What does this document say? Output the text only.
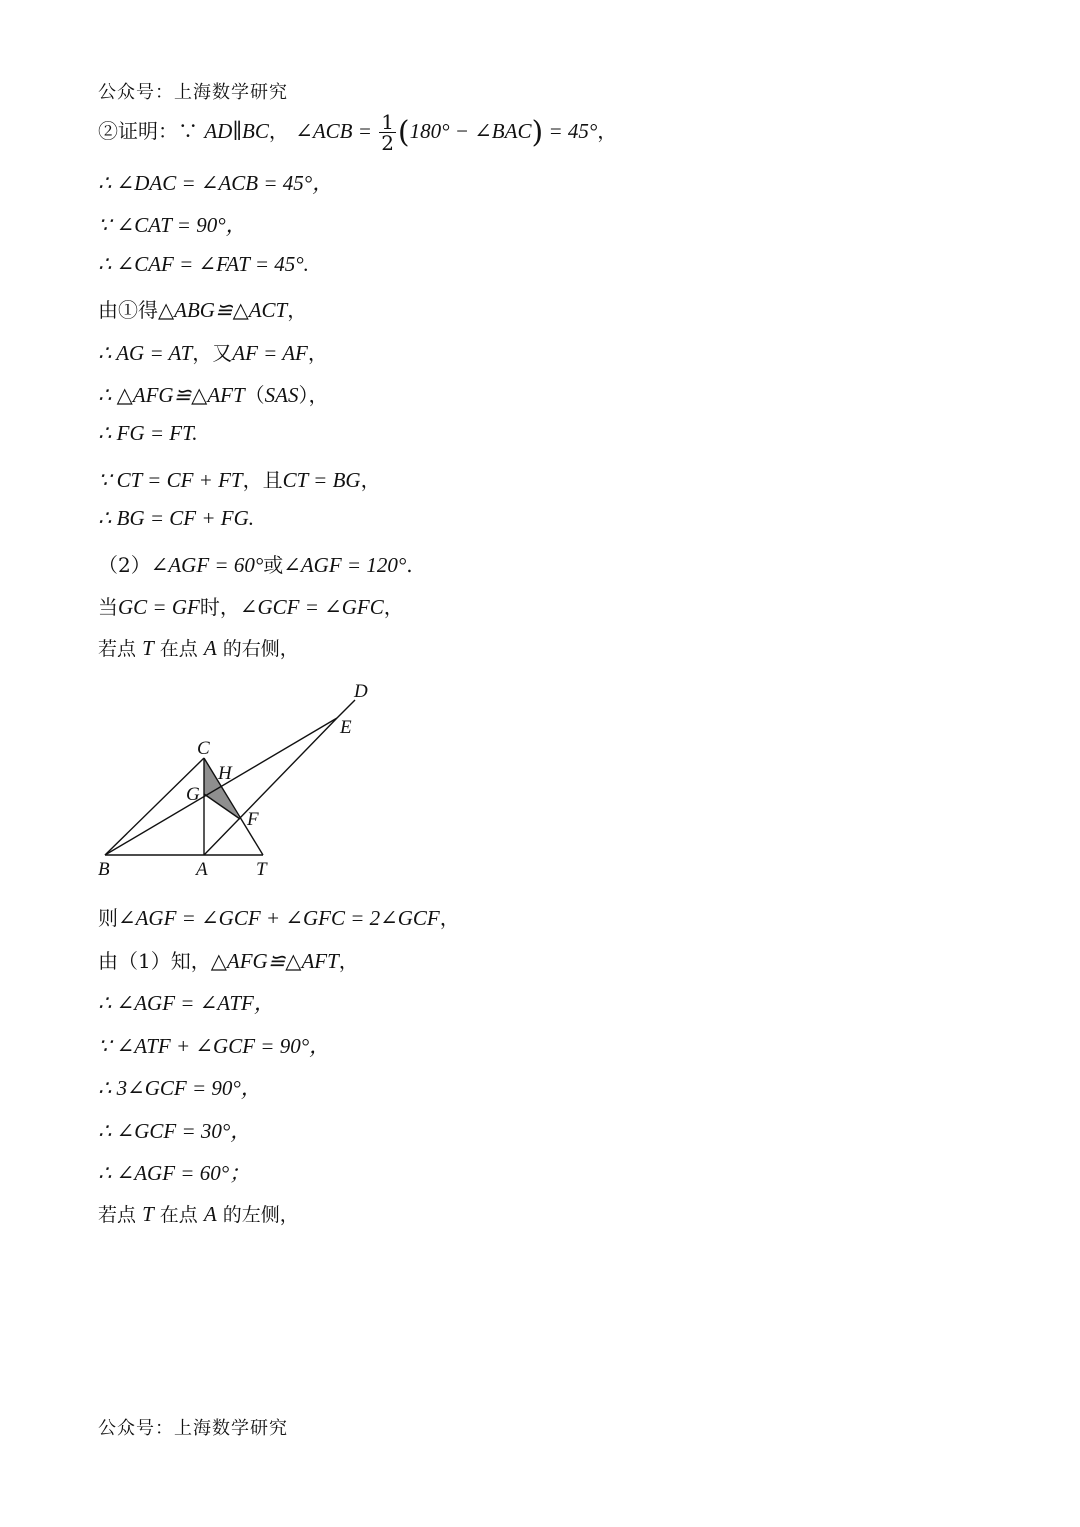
公众号：上海数学研究
②证明：∵ AD∥BC， ∠ACB = $\frac{1}{2} (180^\circ$ − ∠BAC) = 45°，
∴ ∠DAC = ∠ACB = 45°，
∵ ∠CAT = 90°，
∴ ∠CAF = ∠FAT = 45°.
由①得△ABG≌△ACT，
∴ AG = AT，又AF = AF，
∴ △AFG≌△AFT（SAS），
∴ FG = FT.
∵ CT = CF + FT，且CT = BG，
∴ BG = CF + FG.
（2）∠AGF = 60°或∠AGF = 120°.
当GC = GF时，∠GCF = ∠GFC，
若点 T 在点 A 的右侧，
D
E
C
H
G
F
B	A	T
则∠AGF = ∠GCF + ∠GFC = 2∠GCF，
由（1）知，△AFG≌△AFT，
∴ ∠AGF = ∠ATF，
∵ ∠ATF + ∠GCF = 90°，
∴ 3∠GCF = 90°，
∴ ∠GCF = 30°，
∴ ∠AGF = 60°；
若点 T 在点 A 的左侧，
公众号：上海数学研究
